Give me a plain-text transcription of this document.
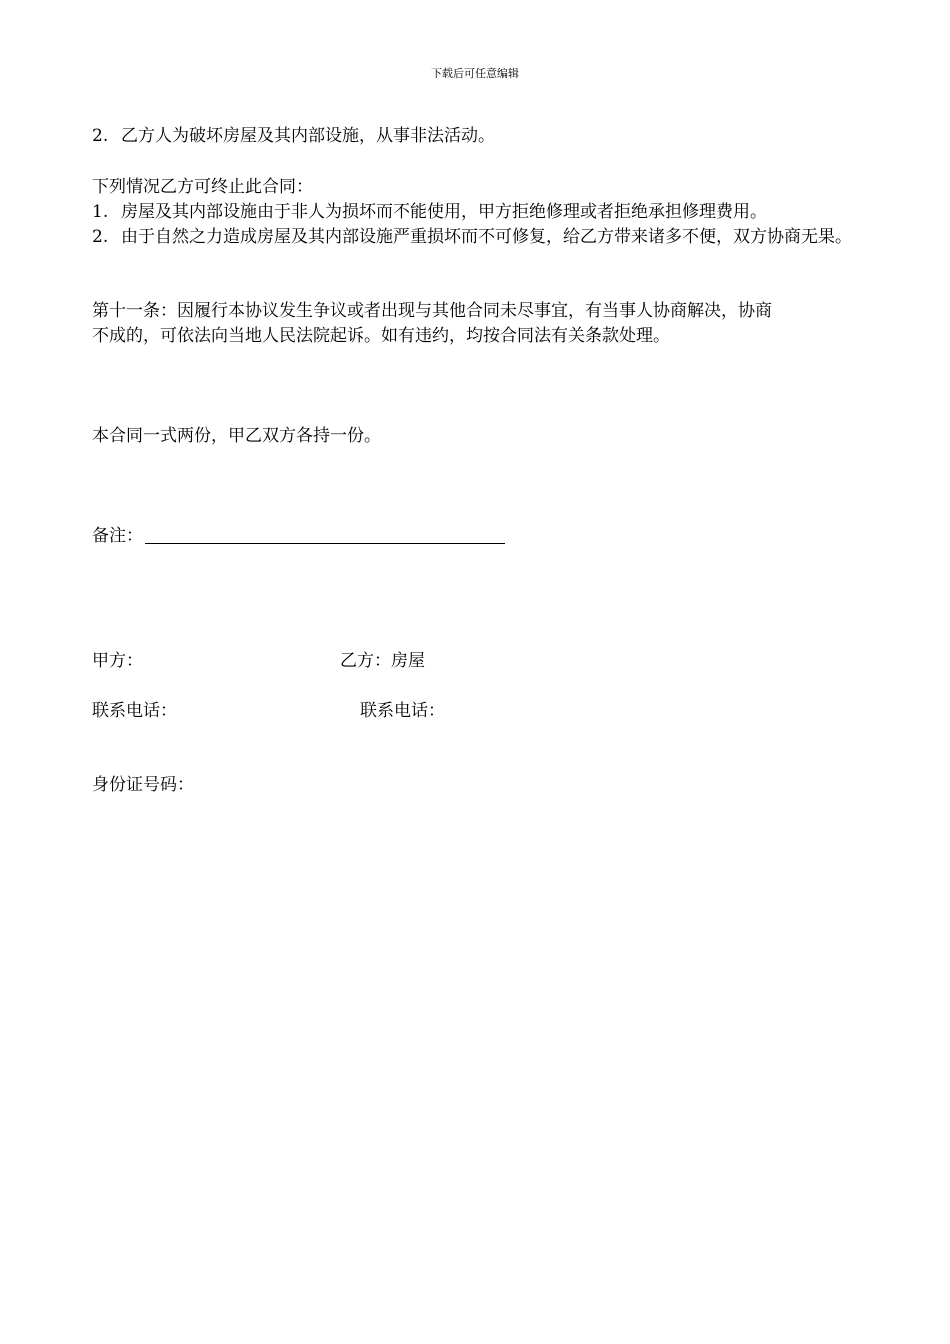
下载后可任意编辑
2. 乙方人为破坏房屋及其内部设施，从事非法活动。
下列情况乙方可终止此合同：
1. 房屋及其内部设施由于非人为损坏而不能使用，甲方拒绝修理或者拒绝承担修理费用。
2. 由于自然之力造成房屋及其内部设施严重损坏而不可修复，给乙方带来诸多不便，双方协商无果。
第十一条：因履行本协议发生争议或者出现与其他合同未尽事宜，有当事人协商解决，协商
不成的，可依法向当地人民法院起诉。如有违约，均按合同法有关条款处理。
本合同一式两份，甲乙双方各持一份。
备注：
甲方：	乙方：房屋
联系电话：	联系电话：
身份证号码：
